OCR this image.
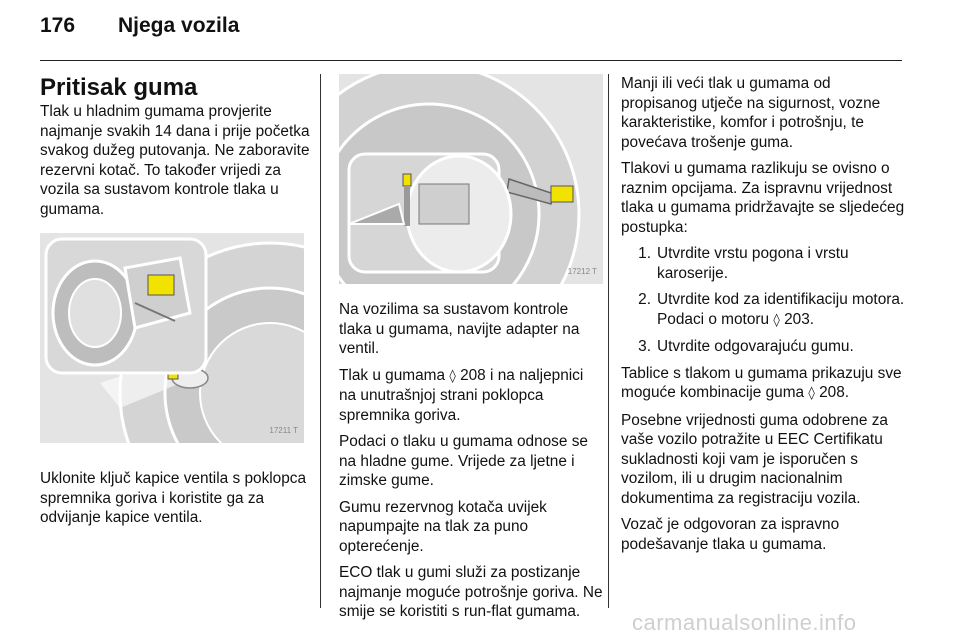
176 Njega vozila
Pritisak guma

Tlak u hladnim gumama provjerite najmanje svakih 14 dana i prije početka svakog dužeg putovanja. Ne zaboravite rezervni kotač. To također vrijedi za vozila sa sustavom kontrole tlaka u gumama.

17211 T

Uklonite ključ kapice ventila s poklopca spremnika goriva i koristite ga za odvijanje kapice ventila.

17212 T

Na vozilima sa sustavom kontrole tlaka u gumama, navijte adapter na ventil.

Tlak u gumama ◊ 208 i na naljepnici na unutrašnjoj strani poklopca spremnika goriva.

Podaci o tlaku u gumama odnose se na hladne gume. Vrijede za ljetne i zimske gume.

Gumu rezervnog kotača uvijek napumpajte na tlak za puno opterećenje.

ECO tlak u gumi služi za postizanje najmanje moguće potrošnje goriva. Ne smije se koristiti s run-flat gumama.

Manji ili veći tlak u gumama od propisanog utječe na sigurnost, vozne karakteristike, komfor i potrošnju, te povećava trošenje guma.

Tlakovi u gumama razlikuju se ovisno o raznim opcijama. Za ispravnu vrijednost tlaka u gumama pridržavajte se sljedećeg postupka:

1. Utvrdite vrstu pogona i vrstu karoserije.
2. Utvrdite kod za identifikaciju motora. Podaci o motoru ◊ 203.
3. Utvrdite odgovarajuću gumu.

Tablice s tlakom u gumama prikazuju sve moguće kombinacije guma ◊ 208.

Posebne vrijednosti guma odobrene za vaše vozilo potražite u EEC Certifikatu sukladnosti koji vam je isporučen s vozilom, ili u drugim nacionalnim dokumentima za registraciju vozila.

Vozač je odgovoran za ispravno podešavanje tlaka u gumama.

carmanualsonline.info
